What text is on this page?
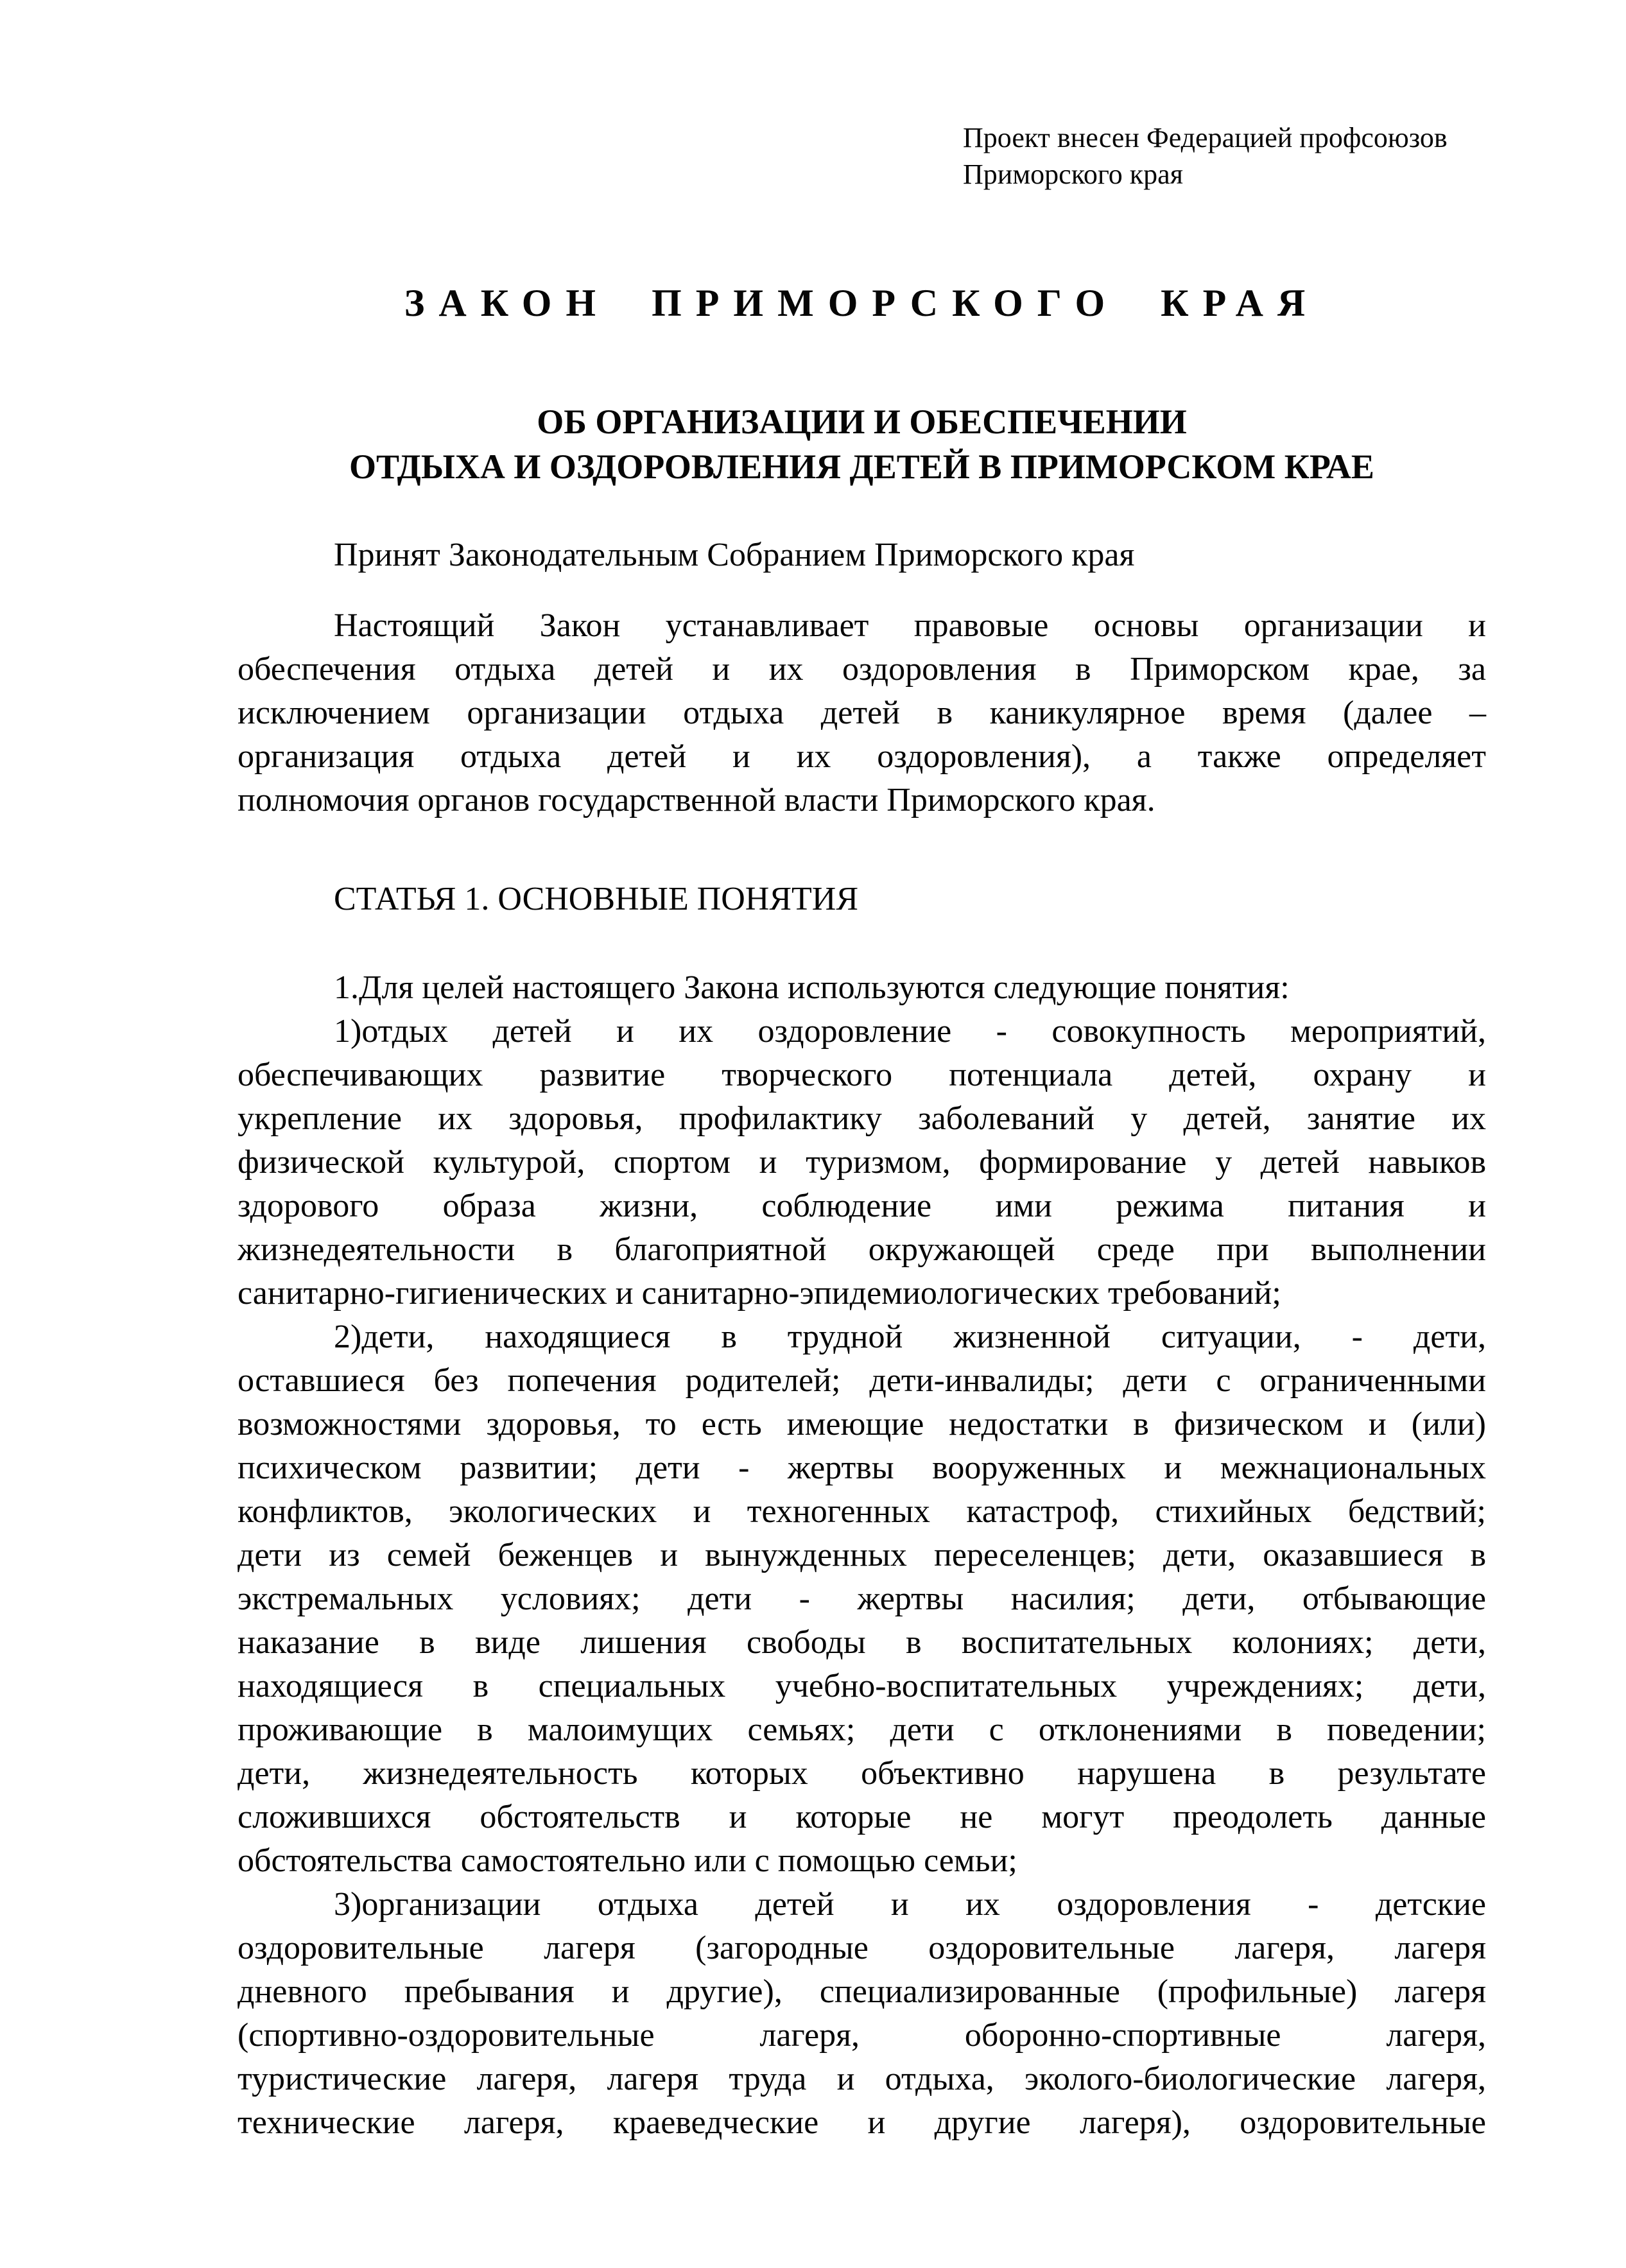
Проект внесен Федерацией профсоюзов
Приморского края
ЗАКОН ПРИМОРСКОГО КРАЯ
ОБ ОРГАНИЗАЦИИ И ОБЕСПЕЧЕНИИ
ОТДЫХА И ОЗДОРОВЛЕНИЯ ДЕТЕЙ В ПРИМОРСКОМ КРАЕ
Принят Законодательным Собранием Приморского края
Настоящий Закон устанавливает правовые основы организации и
обеспечения отдыха детей и их оздоровления в Приморском крае, за
исключением организации отдыха детей в каникулярное время (далее –
организация отдыха детей и их оздоровления), а также определяет
полномочия органов государственной власти Приморского края.
СТАТЬЯ 1. ОСНОВНЫЕ ПОНЯТИЯ
1.Для целей настоящего Закона используются следующие понятия:
1)отдых детей и их оздоровление - совокупность мероприятий,
обеспечивающих развитие творческого потенциала детей, охрану и
укрепление их здоровья, профилактику заболеваний у детей, занятие их
физической культурой, спортом и туризмом, формирование у детей навыков
здорового образа жизни, соблюдение ими режима питания и
жизнедеятельности в благоприятной окружающей среде при выполнении
санитарно-гигиенических и санитарно-эпидемиологических требований;
2)дети, находящиеся в трудной жизненной ситуации, - дети,
оставшиеся без попечения родителей; дети-инвалиды; дети с ограниченными
возможностями здоровья, то есть имеющие недостатки в физическом и (или)
психическом развитии; дети - жертвы вооруженных и межнациональных
конфликтов, экологических и техногенных катастроф, стихийных бедствий;
дети из семей беженцев и вынужденных переселенцев; дети, оказавшиеся в
экстремальных условиях; дети - жертвы насилия; дети, отбывающие
наказание в виде лишения свободы в воспитательных колониях; дети,
находящиеся в специальных учебно-воспитательных учреждениях; дети,
проживающие в малоимущих семьях; дети с отклонениями в поведении;
дети, жизнедеятельность которых объективно нарушена в результате
сложившихся обстоятельств и которые не могут преодолеть данные
обстоятельства самостоятельно или с помощью семьи;
3)организации отдыха детей и их оздоровления - детские
оздоровительные лагеря (загородные оздоровительные лагеря, лагеря
дневного пребывания и другие), специализированные (профильные) лагеря
(спортивно-оздоровительные лагеря, оборонно-спортивные лагеря,
туристические лагеря, лагеря труда и отдыха, эколого-биологические лагеря,
технические лагеря, краеведческие и другие лагеря), оздоровительные
